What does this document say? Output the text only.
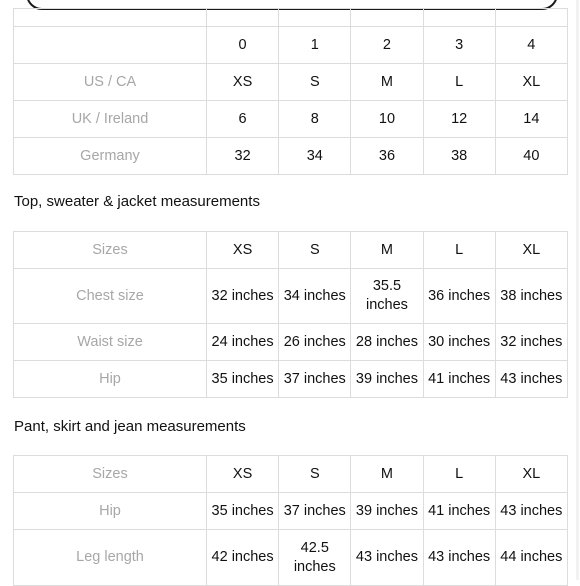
	0	1	2	3	4
US / CA	XS	S	M	L	XL
UK / Ireland	6	8	10	12	14
Germany	32	34	36	38	40
Top, sweater & jacket measurements
Sizes	XS	S	M	L	XL
Chest size	32 inches	34 inches	35.5 inches	36 inches	38 inches
Waist size	24 inches	26 inches	28 inches	30 inches	32 inches
Hip	35 inches	37 inches	39 inches	41 inches	43 inches
Pant, skirt and jean measurements
Sizes	XS	S	M	L	XL
Hip	35 inches	37 inches	39 inches	41 inches	43 inches
Leg length	42 inches	42.5 inches	43 inches	43 inches	44 inches
